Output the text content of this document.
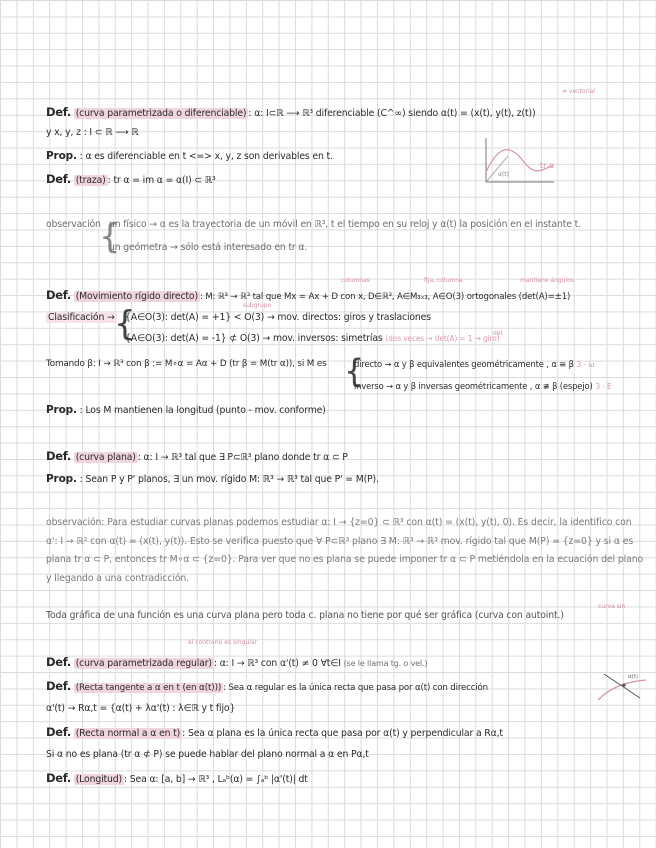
≠ vectorial
Def. (curva parametrizada o diferenciable) : α: I⊂ℝ ⟶ ℝ³ diferenciable (C^∞) siendo α(t) = (x(t), y(t), z(t))
y x, y, z : I ⊂ ℝ ⟶ ℝ
Prop. : α es diferenciable en t <=> x, y, z son derivables en t.
Def. (traza) : tr α = im α = α(I) ⊂ ℝ³
α(t)
tr α
observación
{
un físico → α es la trayectoria de un móvil en ℝ³, t el tiempo en su reloj y α(t) la posición en el instante t.
un geómetra → sólo está interesado en tr α.
columnas	fija, columna	mantiene ángulos
Def. (Movimiento rígido directo) : M: ℝ³ → ℝ³ tal que Mx = Ax + D con x, D∈ℝ³, A∈M₃ₓ₃, A∈O(3) ortogonales (det(A)=±1)
subgrupo
Clasificación → {
{A∈O(3): det(A) = +1} < O(3) → mov. directos: giros y traslaciones
{A∈O(3): det(A) = -1} ⊄ O(3) → mov. inversos: simetrías (dos veces → det(A) = 1 → giro)
det
Tomando β: I → ℝ³ con β := M∘α = Aα + D (tr β = M(tr α)), si M es {
directo → α y β equivalentes geométricamente , α ≡ β 3 - ω
inverso → α y β inversas geométricamente , α ≢ β (espejo) 3 - E
Prop. : Los M mantienen la longitud (punto - mov. conforme)
Def. (curva plana) : α: I → ℝ³ tal que ∃ P⊂ℝ³ plano donde tr α ⊂ P
Prop. : Sean P y P' planos, ∃ un mov. rígido M: ℝ³ → ℝ³ tal que P' = M(P).
observación: Para estudiar curvas planas podemos estudiar α: I → {z=0} ⊂ ℝ³ con α(t) = (x(t), y(t), 0). Es decir, la identifico con α': I → ℝ² con α(t) = (x(t), y(t)). Esto se verifica puesto que ∀ P⊂ℝ³ plano ∃ M: ℝ³ → ℝ³ mov. rígido tal que M(P) = {z=0} y si α es plana tr α ⊂ P, entonces tr M∘α ⊂ {z=0}. Para ver que no es plana se puede imponer tr α ⊂ P metiéndola en la ecuación del plano y llegando a una contradicción.
curva sin
Toda gráfica de una función es una curva plana pero toda c. plana no tiene por qué ser gráfica (curva con autoint.)
el contrario es singular
Def. (curva parametrizada regular) : α: I → ℝ³ con α'(t) ≠ 0 ∀t∈I (se le llama tg. o vel.)
Def. (Recta tangente a α en t (en α(t))) : Sea α regular es la única recta que pasa por α(t) con dirección
α'(t) → Rα,t = {α(t) + λα'(t) : λ∈ℝ y t fijo}
α(t)
Def. (Recta normal a α en t) : Sea α plana es la única recta que pasa por α(t) y perpendicular a Rα,t
Si α no es plana (tr α ⊄ P) se puede hablar del plano normal a α en Pα,t
Def. (Longitud) : Sea α: [a, b] → ℝ³ , Lₐᵇ(α) = ∫ₐᵇ |α'(t)| dt
